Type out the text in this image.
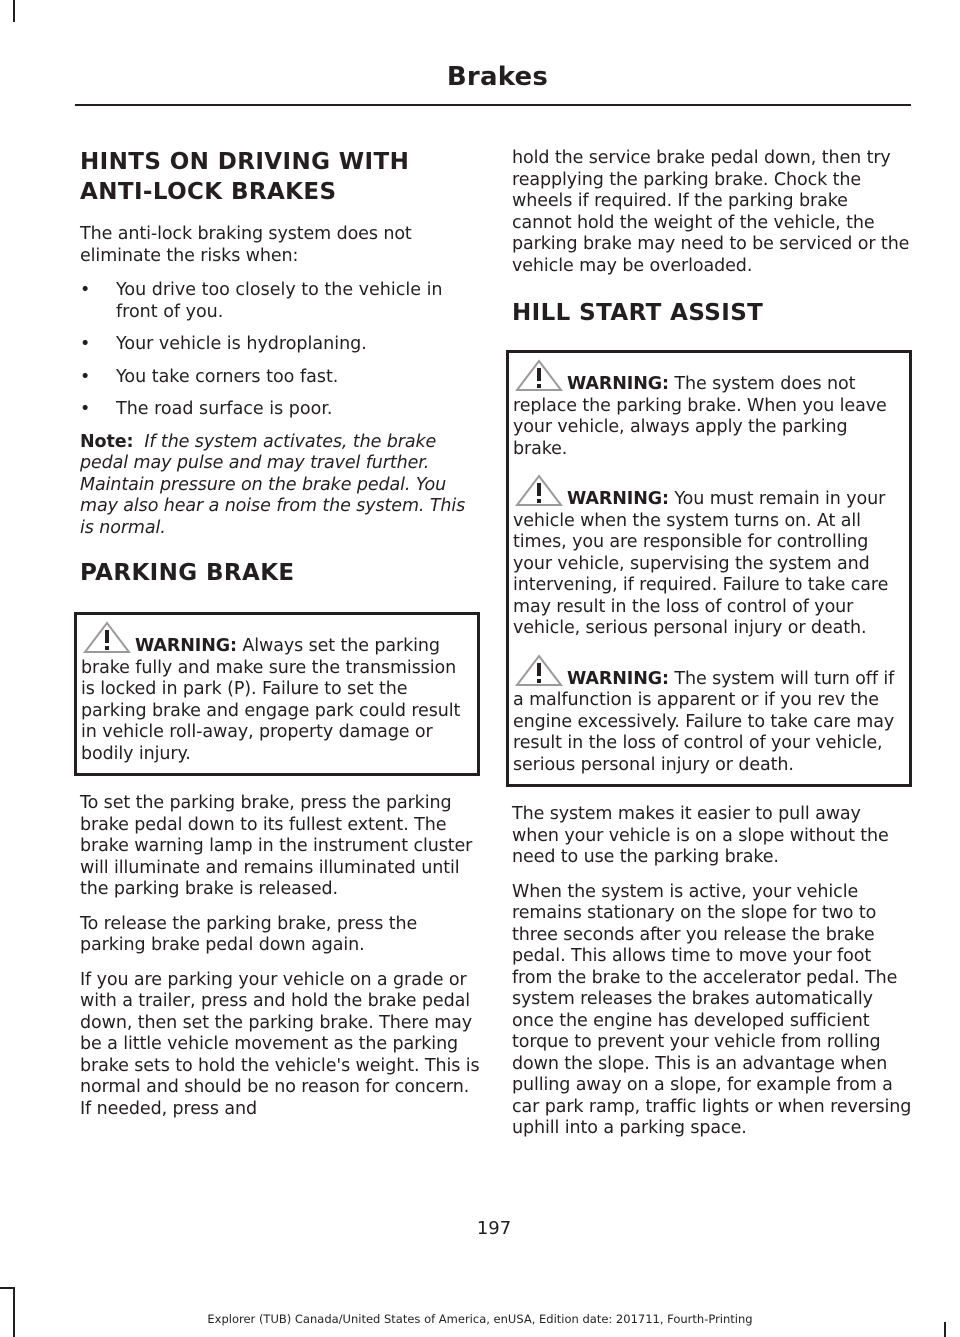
Brakes
HINTS ON DRIVING WITH
ANTI-LOCK BRAKES

The anti-lock braking system does not eliminate the risks when:

•	You drive too closely to the vehicle in front of you.
•	Your vehicle is hydroplaning.
•	You take corners too fast.
•	The road surface is poor.

Note: If the system activates, the brake pedal may pulse and may travel further. Maintain pressure on the brake pedal. You may also hear a noise from the system. This is normal.

PARKING BRAKE

WARNING: Always set the parking brake fully and make sure the transmission is locked in park (P). Failure to set the parking brake and engage park could result in vehicle roll-away, property damage or bodily injury.

To set the parking brake, press the parking brake pedal down to its fullest extent. The brake warning lamp in the instrument cluster will illuminate and remains illuminated until the parking brake is released.

To release the parking brake, press the parking brake pedal down again.

If you are parking your vehicle on a grade or with a trailer, press and hold the brake pedal down, then set the parking brake. There may be a little vehicle movement as the parking brake sets to hold the vehicle's weight. This is normal and should be no reason for concern. If needed, press and

hold the service brake pedal down, then try reapplying the parking brake. Chock the wheels if required. If the parking brake cannot hold the weight of the vehicle, the parking brake may need to be serviced or the vehicle may be overloaded.

HILL START ASSIST

WARNING: The system does not replace the parking brake. When you leave your vehicle, always apply the parking brake.

WARNING: You must remain in your vehicle when the system turns on. At all times, you are responsible for controlling your vehicle, supervising the system and intervening, if required. Failure to take care may result in the loss of control of your vehicle, serious personal injury or death.

WARNING: The system will turn off if a malfunction is apparent or if you rev the engine excessively. Failure to take care may result in the loss of control of your vehicle, serious personal injury or death.

The system makes it easier to pull away when your vehicle is on a slope without the need to use the parking brake.

When the system is active, your vehicle remains stationary on the slope for two to three seconds after you release the brake pedal. This allows time to move your foot from the brake to the accelerator pedal. The system releases the brakes automatically once the engine has developed sufficient torque to prevent your vehicle from rolling down the slope. This is an advantage when pulling away on a slope, for example from a car park ramp, traffic lights or when reversing uphill into a parking space.

197
Explorer (TUB) Canada/United States of America, enUSA, Edition date: 201711, Fourth-Printing
